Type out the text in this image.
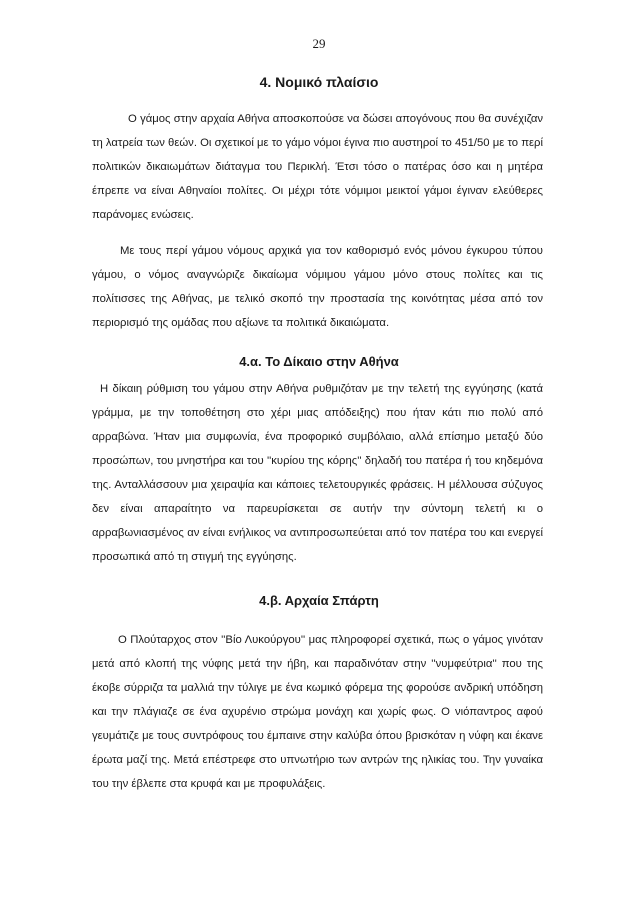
29
4. Νομικό πλαίσιο

Ο γάμος στην αρχαία Αθήνα αποσκοπούσε να δώσει απογόνους που θα συνέχιζαν τη λατρεία των θεών. Οι σχετικοί με το γάμο νόμοι έγινα πιο αυστηροί το 451/50 με το περί πολιτικών δικαιωμάτων διάταγμα του Περικλή. Έτσι τόσο ο πατέρας όσο και η μητέρα έπρεπε να είναι Αθηναίοι πολίτες. Οι μέχρι τότε νόμιμοι μεικτοί γάμοι έγιναν ελεύθερες παράνομες ενώσεις.

Με τους περί γάμου νόμους αρχικά για τον καθορισμό ενός μόνου έγκυρου τύπου γάμου, ο νόμος αναγνώριζε δικαίωμα νόμιμου γάμου μόνο στους πολίτες και τις πολίτισσες της Αθήνας, με τελικό σκοπό την προστασία της κοινότητας μέσα από τον περιορισμό της ομάδας που αξίωνε τα πολιτικά δικαιώματα.

4.α. Το Δίκαιο στην Αθήνα

Η δίκαιη ρύθμιση του γάμου στην Αθήνα ρυθμιζόταν με την τελετή της εγγύησης (κατά γράμμα, με την τοποθέτηση στο χέρι μιας απόδειξης) που ήταν κάτι πιο πολύ από αρραβώνα. Ήταν μια συμφωνία, ένα προφορικό συμβόλαιο, αλλά επίσημο μεταξύ δύο προσώπων, του μνηστήρα και του ''κυρίου της κόρης'' δηλαδή του πατέρα ή του κηδεμόνα της. Ανταλλάσσουν μια χειραψία και κάποιες τελετουργικές φράσεις. Η μέλλουσα σύζυγος δεν είναι απαραίτητο να παρευρίσκεται σε αυτήν την σύντομη τελετή κι ο αρραβωνιασμένος αν είναι ενήλικος να αντιπροσωπεύεται από τον πατέρα του και ενεργεί προσωπικά από τη στιγμή της εγγύησης.

4.β. Αρχαία Σπάρτη

Ο Πλούταρχος στον ''Βίο Λυκούργου'' μας πληροφορεί σχετικά, πως ο γάμος γινόταν μετά από κλοπή της νύφης μετά την ήβη, και παραδινόταν στην ''νυμφεύτρια'' που της έκοβε σύρριζα τα μαλλιά την τύλιγε με ένα κωμικό φόρεμα της φορούσε ανδρική υπόδηση και την πλάγιαζε σε ένα αχυρένιο στρώμα μονάχη και χωρίς φως. Ο νιόπαντρος αφού γευμάτιζε με τους συντρόφους του έμπαινε στην καλύβα όπου βρισκόταν η νύφη και έκανε έρωτα μαζί της. Μετά επέστρεφε στο υπνωτήριο των αντρών της ηλικίας του. Την γυναίκα του την έβλεπε στα κρυφά και με προφυλάξεις.
